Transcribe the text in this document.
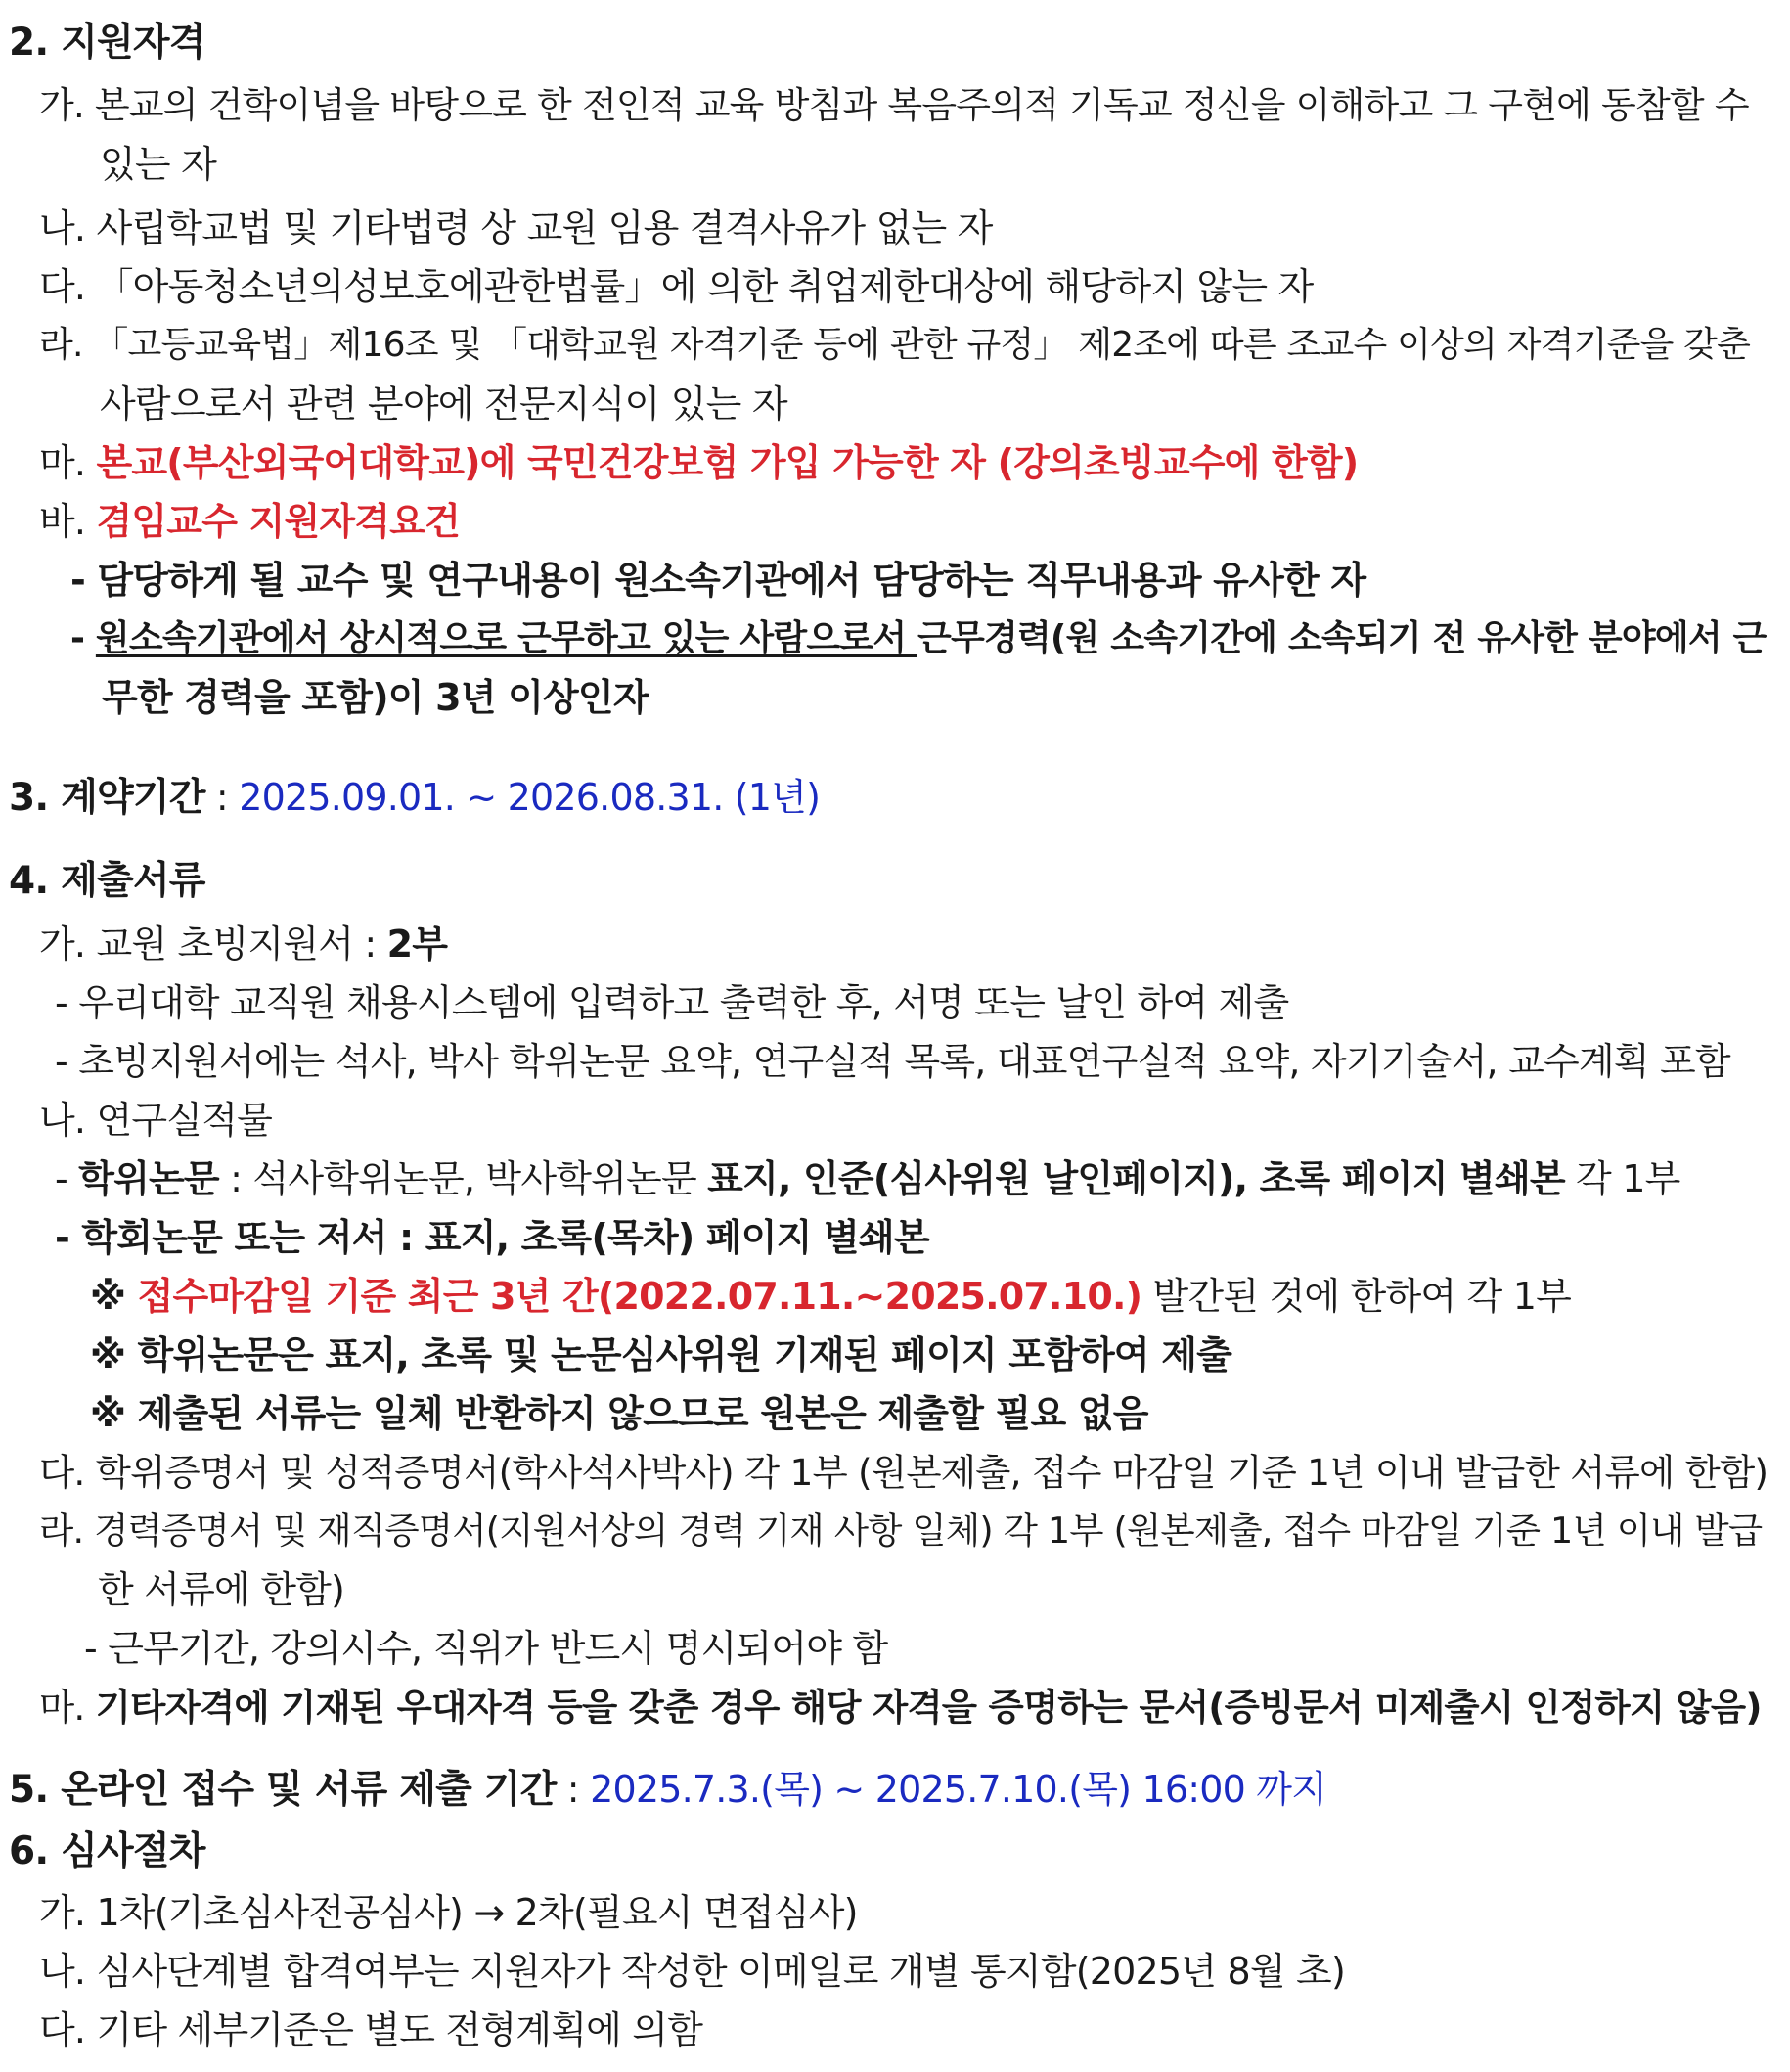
2. 지원자격
가. 본교의 건학이념을 바탕으로 한 전인적 교육 방침과 복음주의적 기독교 정신을 이해하고 그 구현에 동참할 수
있는 자
나. 사립학교법 및 기타법령 상 교원 임용 결격사유가 없는 자
다. 「아동청소년의성보호에관한법률」에 의한 취업제한대상에 해당하지 않는 자
라. 「고등교육법」제16조 및 「대학교원 자격기준 등에 관한 규정」 제2조에 따른 조교수 이상의 자격기준을 갖춘
사람으로서 관련 분야에 전문지식이 있는 자
마. 본교(부산외국어대학교)에 국민건강보험 가입 가능한 자 (강의초빙교수에 한함)
바. 겸임교수 지원자격요건
- 담당하게 될 교수 및 연구내용이 원소속기관에서 담당하는 직무내용과 유사한 자
- 원소속기관에서 상시적으로 근무하고 있는 사람으로서 근무경력(원 소속기간에 소속되기 전 유사한 분야에서 근
무한 경력을 포함)이 3년 이상인자
3. 계약기간 : 2025.09.01. ~ 2026.08.31. (1년)
4. 제출서류
가. 교원 초빙지원서 : 2부
- 우리대학 교직원 채용시스템에 입력하고 출력한 후, 서명 또는 날인 하여 제출
- 초빙지원서에는 석사, 박사 학위논문 요약, 연구실적 목록, 대표연구실적 요약, 자기기술서, 교수계획 포함
나. 연구실적물
- 학위논문 : 석사학위논문, 박사학위논문 표지, 인준(심사위원 날인페이지), 초록 페이지 별쇄본 각 1부
- 학회논문 또는 저서 : 표지, 초록(목차) 페이지 별쇄본
※ 접수마감일 기준 최근 3년 간(2022.07.11.~2025.07.10.) 발간된 것에 한하여 각 1부
※ 학위논문은 표지, 초록 및 논문심사위원 기재된 페이지 포함하여 제출
※ 제출된 서류는 일체 반환하지 않으므로 원본은 제출할 필요 없음
다. 학위증명서 및 성적증명서(학사석사박사) 각 1부 (원본제출, 접수 마감일 기준 1년 이내 발급한 서류에 한함)
라. 경력증명서 및 재직증명서(지원서상의 경력 기재 사항 일체) 각 1부 (원본제출, 접수 마감일 기준 1년 이내 발급
한 서류에 한함)
- 근무기간, 강의시수, 직위가 반드시 명시되어야 함
마. 기타자격에 기재된 우대자격 등을 갖춘 경우 해당 자격을 증명하는 문서(증빙문서 미제출시 인정하지 않음)
5. 온라인 접수 및 서류 제출 기간 : 2025.7.3.(목) ~ 2025.7.10.(목) 16:00 까지
6. 심사절차
가. 1차(기초심사전공심사) → 2차(필요시 면접심사)
나. 심사단계별 합격여부는 지원자가 작성한 이메일로 개별 통지함(2025년 8월 초)
다. 기타 세부기준은 별도 전형계획에 의함
